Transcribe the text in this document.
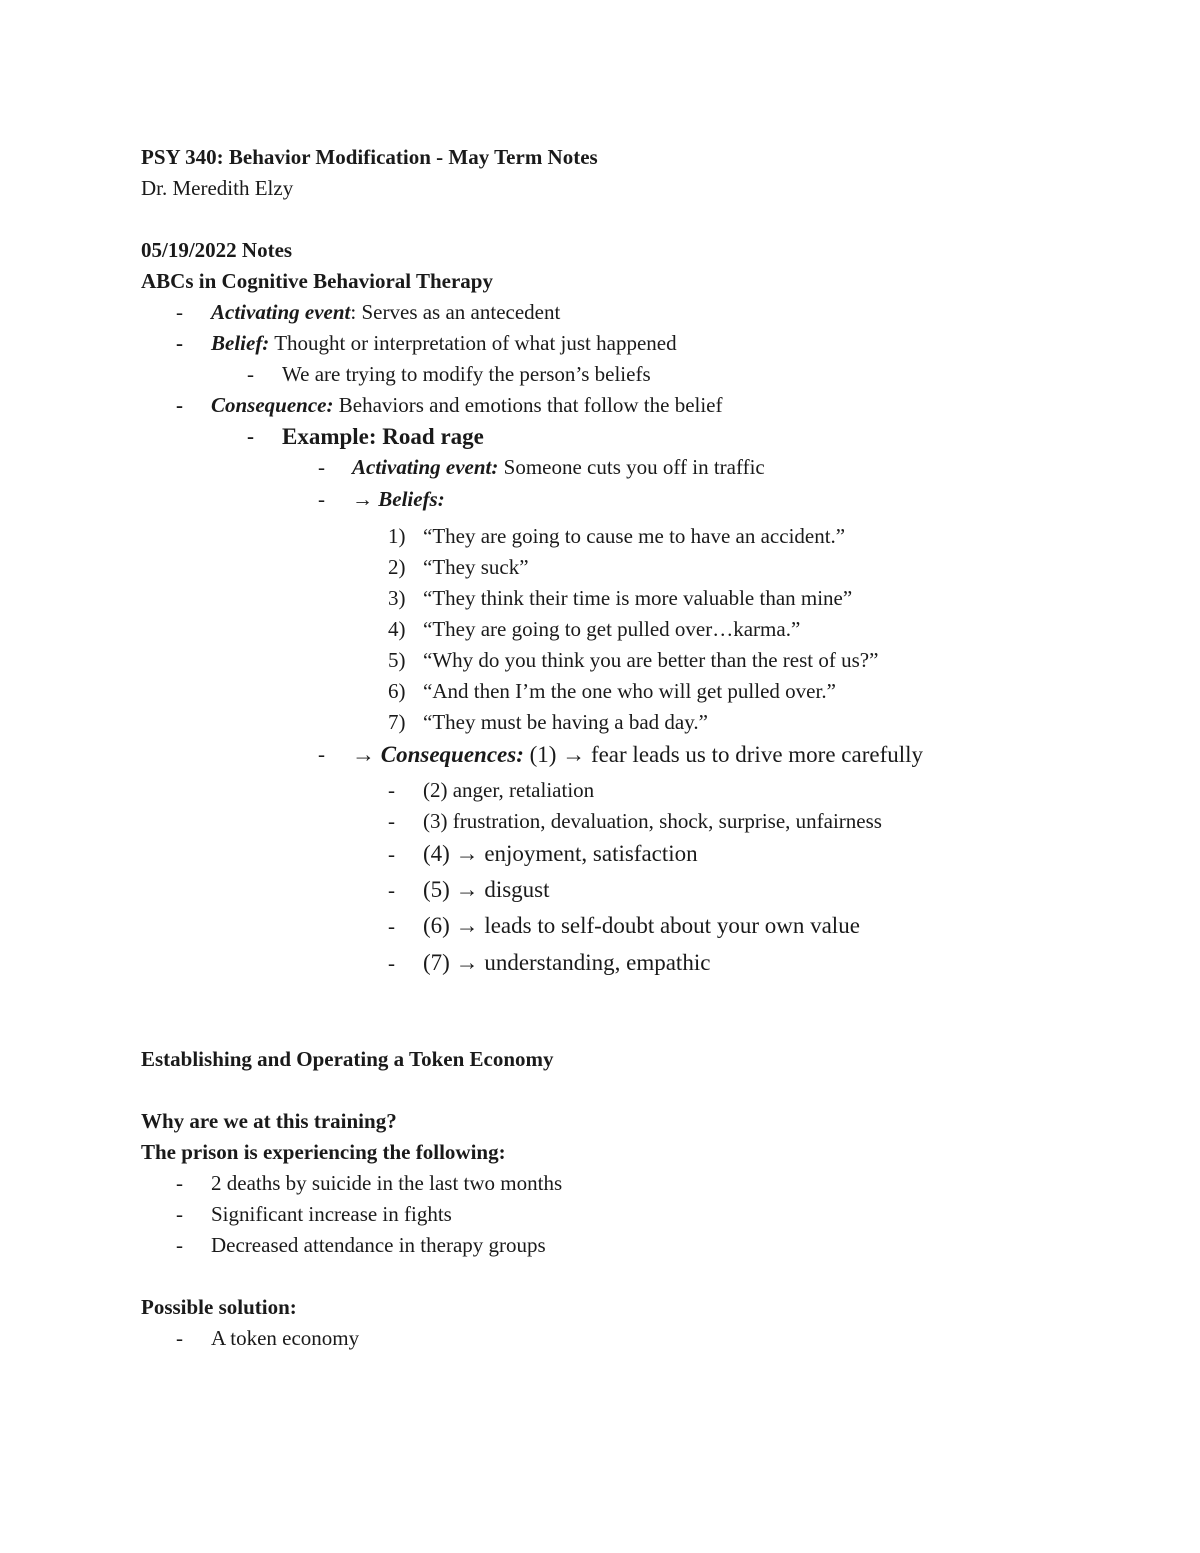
PSY 340: Behavior Modification - May Term Notes
Dr. Meredith Elzy
05/19/2022 Notes
ABCs in Cognitive Behavioral Therapy
- Activating event: Serves as an antecedent
- Belief: Thought or interpretation of what just happened
- We are trying to modify the person’s beliefs
- Consequence: Behaviors and emotions that follow the belief
- Example: Road rage
- Activating event: Someone cuts you off in traffic
- → Beliefs:
1) “They are going to cause me to have an accident.”
2) “They suck”
3) “They think their time is more valuable than mine”
4) “They are going to get pulled over…karma.”
5) “Why do you think you are better than the rest of us?”
6) “And then I’m the one who will get pulled over.”
7) “They must be having a bad day.”
- → Consequences: (1) → fear leads us to drive more carefully
- (2) anger, retaliation
- (3) frustration, devaluation, shock, surprise, unfairness
- (4) → enjoyment, satisfaction
- (5) → disgust
- (6) → leads to self-doubt about your own value
- (7) → understanding, empathic
Establishing and Operating a Token Economy
Why are we at this training?
The prison is experiencing the following:
- 2 deaths by suicide in the last two months
- Significant increase in fights
- Decreased attendance in therapy groups
Possible solution:
- A token economy
